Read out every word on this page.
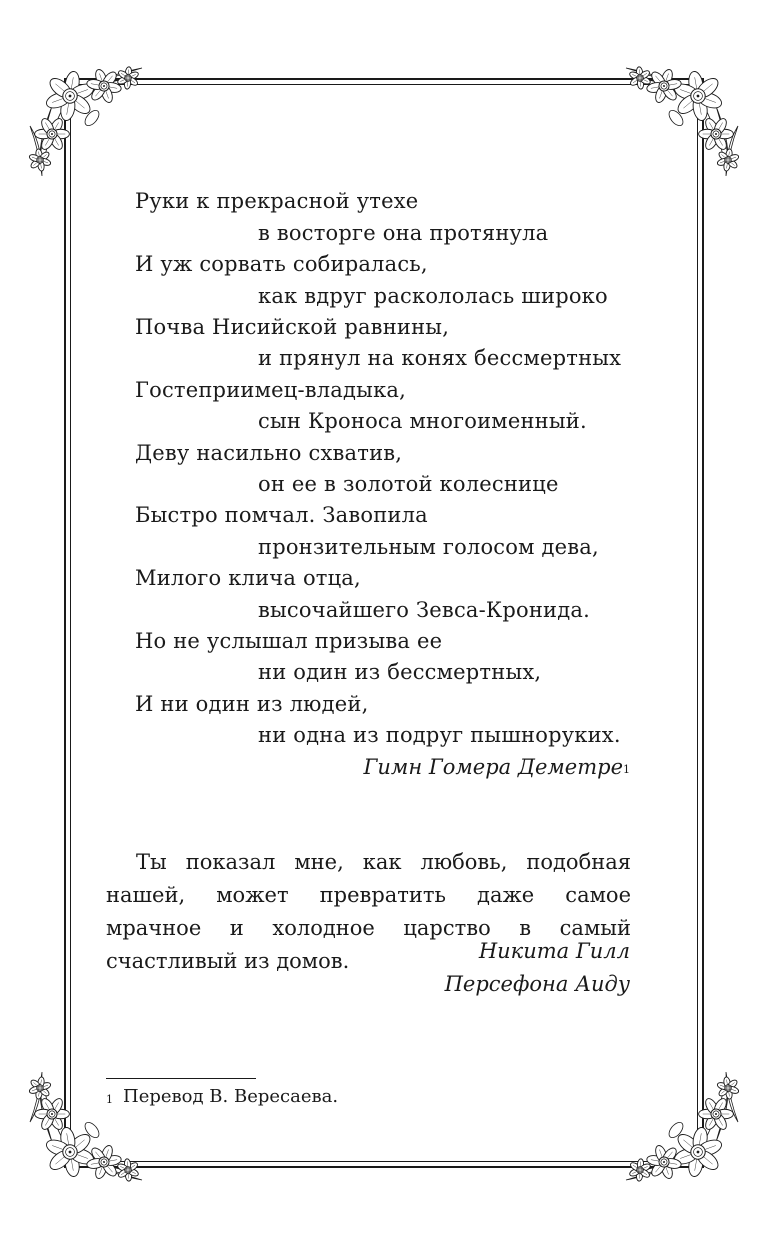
Руки к прекрасной утехе
в восторге она протянула
И уж сорвать собиралась,
как вдруг раскололась широко
Почва Нисийской равнины,
и прянул на конях бессмертных
Гостеприимец-владыка,
сын Кроноса многоименный.
Деву насильно схватив,
он ее в золотой колеснице
Быстро помчал. Завопила
пронзительным голосом дева,
Милого клича отца,
высочайшего Зевса-Кронида.
Но не услышал призыва ее
ни один из бессмертных,
И ни один из людей,
ни одна из подруг пышноруких.
Гимн Гомера Деметре$^1$

Ты показал мне, как любовь, подобная нашей, может превратить даже самое мрачное и холодное царство в самый счастливый из домов.	Никита Гилл
Персефона Аиду
$^1$ Перевод В. Вересаева.
